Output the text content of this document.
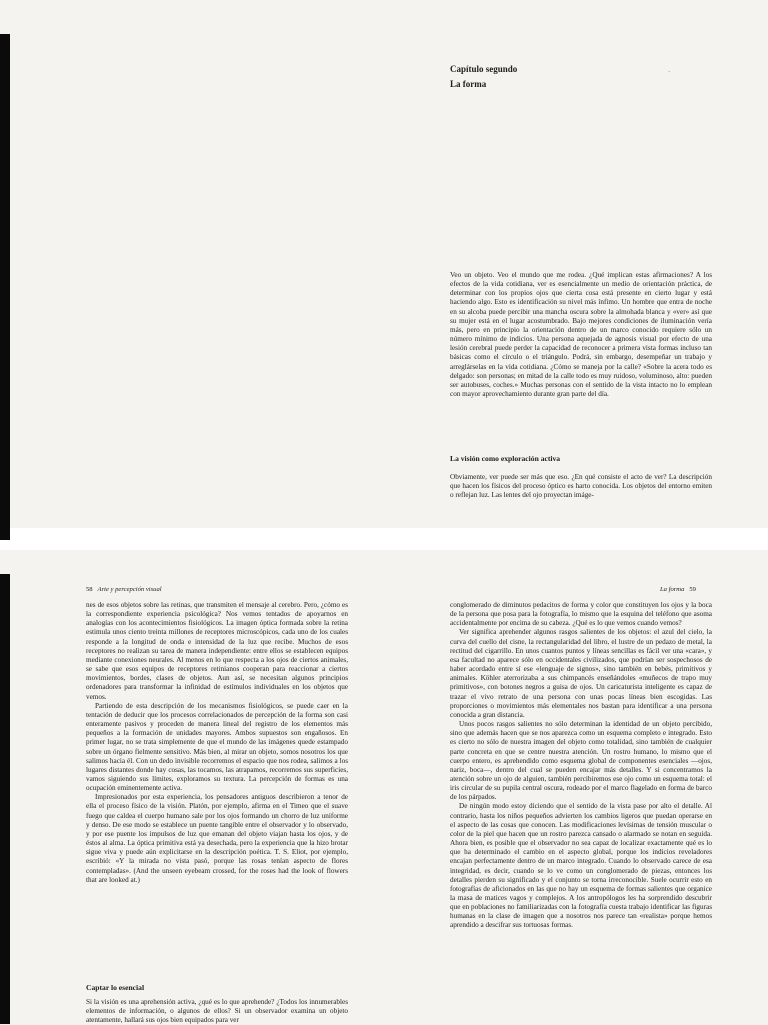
Capítulo segundo
La forma
ˊ

Veo un objeto. Veo el mundo que me rodea. ¿Qué implican estas afirmaciones? A los efectos de la vida cotidiana, ver es esencialmente un medio de orientación práctica, de determinar con los propios ojos que cierta cosa está presente en cierto lugar y está haciendo algo. Esto es identificación su nivel más ínfimo. Un hombre que entra de noche en su alcoba puede percibir una mancha oscura sobre la almohada blanca y «ver» así que su mujer está en el lugar acostumbrado. Bajo mejores condiciones de iluminación vería más, pero en principio la orientación dentro de un marco conocido requiere sólo un número mínimo de indicios. Una persona aquejada de agnosis visual por efecto de una lesión cerebral puede perder la capacidad de reconocer a primera vista formas incluso tan básicas como el círculo o el triángulo. Podrá, sin embargo, desempeñar un trabajo y arreglárselas en la vida cotidiana. ¿Cómo se maneja por la calle? «Sobre la acera todo es delgado: son personas; en mitad de la calle todo es muy ruidoso, voluminoso, alto: pueden ser autobuses, coches.» Muchas personas con el sentido de la vista intacto no lo emplean con mayor aprovechamiento durante gran parte del día.

La visión como exploración activa

Obviamente, ver puede ser más que eso. ¿En qué consiste el acto de ver? La descripción que hacen los físicos del proceso óptico es harto conocida. Los objetos del entorno emiten o reflejan luz. Las lentes del ojo proyectan imáge-

58 Arte y percepción visual

nes de esos objetos sobre las retinas, que transmiten el mensaje al cerebro. Pero, ¿cómo es la correspondiente experiencia psicológica? Nos vemos tentados de apoyarnos en analogías con los acontecimientos fisiológicos. La imagen óptica formada sobre la retina estimula unos ciento treinta millones de receptores microscópicos, cada uno de los cuales responde a la longitud de onda e intensidad de la luz que recibe. Muchos de esos receptores no realizan su tarea de manera independiente: entre ellos se establecen equipos mediante conexiones neurales. Al menos en lo que respecta a los ojos de ciertos animales, se sabe que esos equipos de receptores retinianos cooperan para reaccionar a ciertos movimientos, bordes, clases de objetos. Aun así, se necesitan algunos principios ordenadores para transformar la infinidad de estímulos individuales en los objetos que vemos.

Partiendo de esta descripción de los mecanismos fisiológicos, se puede caer en la tentación de deducir que los procesos correlacionados de percepción de la forma son casi enteramente pasivos y proceden de manera lineal del registro de los elementos más pequeños a la formación de unidades mayores. Ambos supuestos son engañosos. En primer lugar, no se trata simplemente de que el mundo de las imágenes quede estampado sobre un órgano fielmente sensitivo. Más bien, al mirar un objeto, somos nosotros los que salimos hacia él. Con un dedo invisible recorremos el espacio que nos rodea, salimos a los lugares distantes donde hay cosas, las tocamos, las atrapamos, recorremos sus superficies, vamos siguiendo sus límites, exploramos su textura. La percepción de formas es una ocupación eminentemente activa.

Impresionados por esta experiencia, los pensadores antiguos describieron a tenor de ella el proceso físico de la visión. Platón, por ejemplo, afirma en el Timeo que el suave fuego que caldea el cuerpo humano sale por los ojos formando un chorro de luz uniforme y denso. De ese modo se establece un puente tangible entre el observador y lo observado, y por ese puente los impulsos de luz que emanan del objeto viajan hasta los ojos, y de éstos al alma. La óptica primitiva está ya desechada, pero la experiencia que la hizo brotar sigue viva y puede aún explicitarse en la descripción poética. T. S. Eliot, por ejemplo, escribió: «Y la mirada no vista pasó, porque las rosas tenían aspecto de flores contempladas». (And the unseen eyebeam crossed, for the roses had the look of flowers that are looked at.)

Captar lo esencial

Si la visión es una aprehensión activa, ¿qué es lo que aprehende? ¿Todos los innumerables elementos de información, o algunos de ellos? Si un observador examina un objeto atentamente, hallará sus ojos bien equipados para ver

La forma 59

conglomerado de diminutos pedacitos de forma y color que constituyen los ojos y la boca de la persona que posa para la fotografía, lo mismo que la esquina del teléfono que asoma accidentalmente por encima de su cabeza. ¿Qué es lo que vemos cuando vemos?

Ver significa aprehender algunos rasgos salientes de los objetos: el azul del cielo, la curva del cuello del cisne, la rectangularidad del libro, el lustre de un pedazo de metal, la rectitud del cigarrillo. En unos cuantos puntos y líneas sencillas es fácil ver una «cara», y esa facultad no aparece sólo en occidentales civilizados, que podrían ser sospechosos de haber acordado entre sí ese «lenguaje de signos», sino también en bebés, primitivos y animales. Köhler aterrorizaba a sus chimpancés enseñándoles «muñecos de trapo muy primitivos», con botones negros a guisa de ojos. Un caricaturista inteligente es capaz de trazar el vivo retrato de una persona con unas pocas líneas bien escogidas. Las proporciones o movimientos más elementales nos bastan para identificar a una persona conocida a gran distancia.

Unos pocos rasgos salientes no sólo determinan la identidad de un objeto percibido, sino que además hacen que se nos aparezca como un esquema completo e integrado. Esto es cierto no sólo de nuestra imagen del objeto como totalidad, sino también de cualquier parte concreta en que se centre nuestra atención. Un rostro humano, lo mismo que el cuerpo entero, es aprehendido como esquema global de componentes esenciales —ojos, nariz, boca—, dentro del cual se pueden encajar más detalles. Y si concentramos la atención sobre un ojo de alguien, también percibiremos ese ojo como un esquema total: el iris circular de su pupila central oscura, rodeado por el marco flagelado en forma de barco de los párpados.

De ningún modo estoy diciendo que el sentido de la vista pase por alto el detalle. Al contrario, hasta los niños pequeños advierten los cambios ligeros que puedan operarse en el aspecto de las cosas que conocen. Las modificaciones levísimas de tensión muscular o color de la piel que hacen que un rostro parezca cansado o alarmado se notan en seguida. Ahora bien, es posible que el observador no sea capaz de localizar exactamente qué es lo que ha determinado el cambio en el aspecto global, porque los indicios reveladores encajan perfectamente dentro de un marco integrado. Cuando lo observado carece de esa integridad, es decir, cuando se lo ve como un conglomerado de piezas, entonces los detalles pierden su significado y el conjunto se torna irreconocible. Suele ocurrir esto en fotografías de aficionados en las que no hay un esquema de formas salientes que organice la masa de matices vagos y complejos. A los antropólogos les ha sorprendido descubrir que en poblaciones no familiarizadas con la fotografía cuesta trabajo identificar las figuras humanas en la clase de imagen que a nosotros nos parece tan «realista» porque hemos aprendido a descifrar sus tortuosas formas.
